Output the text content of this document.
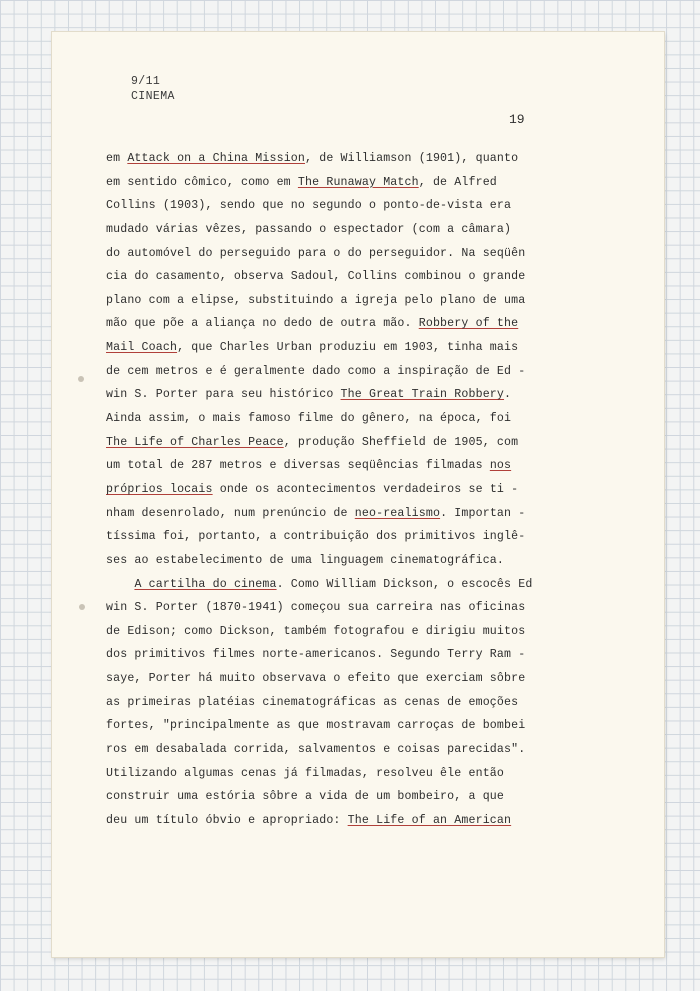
9/11
CINEMA
19
em Attack on a China Mission, de Williamson (1901), quanto
em sentido cômico, como em The Runaway Match, de Alfred
Collins (1903), sendo que no segundo o ponto-de-vista era
mudado várias vêzes, passando o espectador (com a câmara)
do automóvel do perseguido para o do perseguidor. Na seqüên
cia do casamento, observa Sadoul, Collins combinou o grande
plano com a elipse, substituindo a igreja pelo plano de uma
mão que põe a aliança no dedo de outra mão. Robbery of the
Mail Coach, que Charles Urban produziu em 1903, tinha mais
de cem metros e é geralmente dado como a inspiração de Ed -
win S. Porter para seu histórico The Great Train Robbery.
Ainda assim, o mais famoso filme do gênero, na época, foi
The Life of Charles Peace, produção Sheffield de 1905, com
um total de 287 metros e diversas seqüências filmadas nos
próprios locais onde os acontecimentos verdadeiros se ti -
nham desenrolado, num prenúncio de neo-realismo. Importan -
tíssima foi, portanto, a contribuição dos primitivos inglê-
ses ao estabelecimento de uma linguagem cinematográfica.
A cartilha do cinema. Como William Dickson, o escocês Ed
win S. Porter (1870-1941) começou sua carreira nas oficinas
de Edison; como Dickson, também fotografou e dirigiu muitos
dos primitivos filmes norte-americanos. Segundo Terry Ram -
saye, Porter há muito observava o efeito que exerciam sôbre
as primeiras platéias cinematográficas as cenas de emoções
fortes, "principalmente as que mostravam carroças de bombei
ros em desabalada corrida, salvamentos e coisas parecidas".
Utilizando algumas cenas já filmadas, resolveu êle então
construir uma estória sôbre a vida de um bombeiro, a que
deu um título óbvio e apropriado: The Life of an American
